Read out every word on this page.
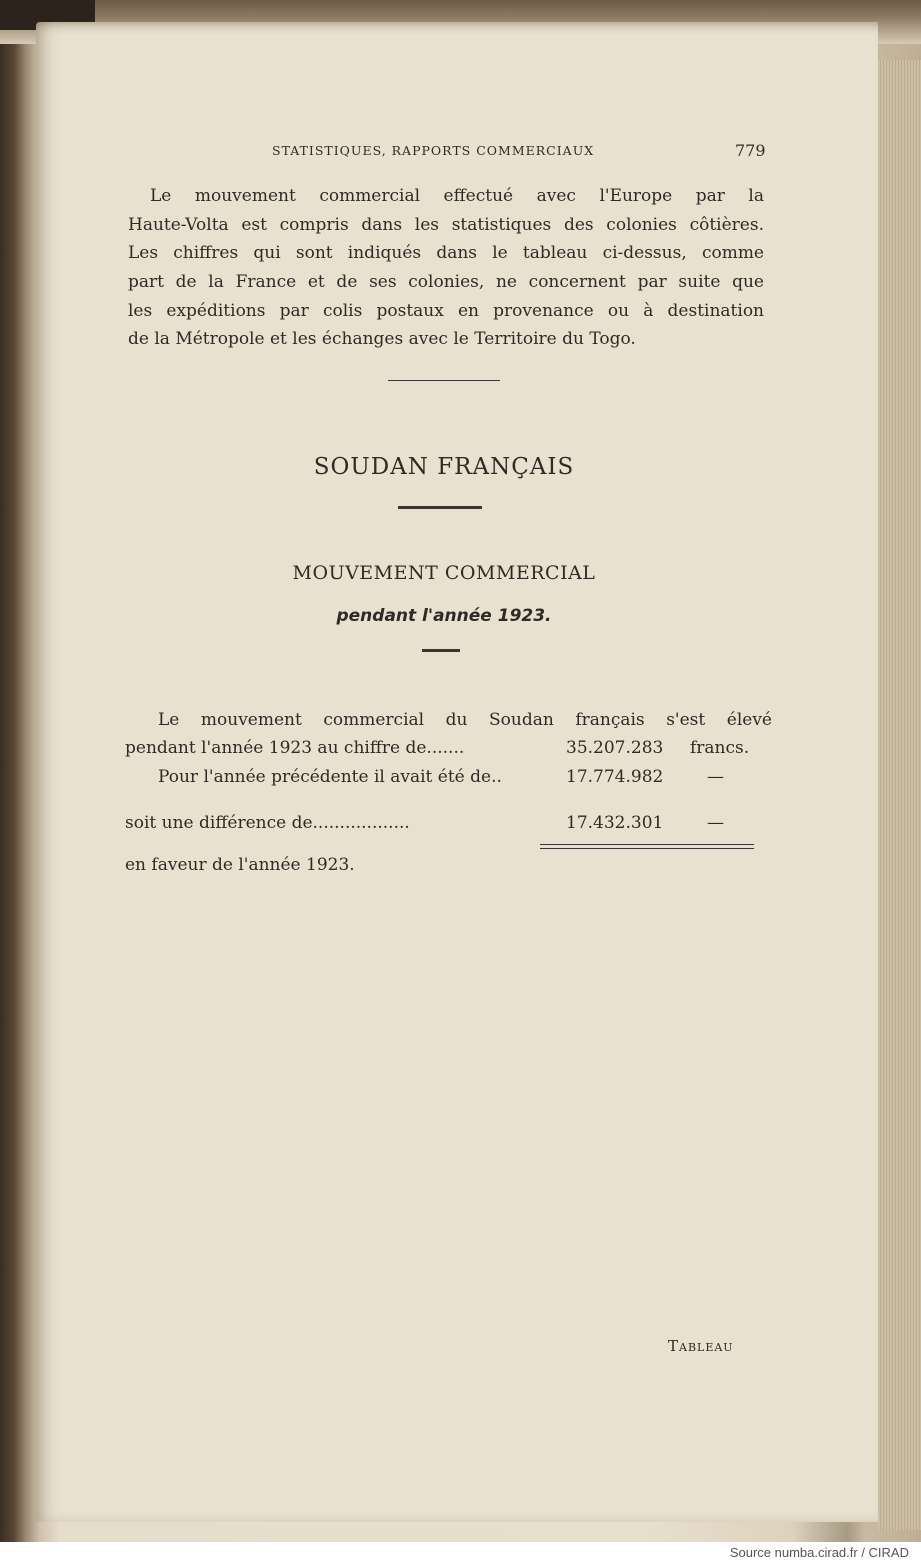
STATISTIQUES, RAPPORTS COMMERCIAUX	779
Le mouvement commercial effectué avec l'Europe par la
Haute-Volta est compris dans les statistiques des colonies côtières.
Les chiffres qui sont indiqués dans le tableau ci-dessus, comme
part de la France et de ses colonies, ne concernent par suite que
les expéditions par colis postaux en provenance ou à destination
de la Métropole et les échanges avec le Territoire du Togo.
SOUDAN FRANÇAIS
MOUVEMENT COMMERCIAL
pendant l'année 1923.
Le mouvement commercial du Soudan français s'est élevé
pendant l'année 1923 au chiffre de.......	35.207.283 francs.
Pour l'année précédente il avait été de..	17.774.982	—
soit une différence de..................	17.432.301	—
en faveur de l'année 1923.
Tableau
Source numba.cirad.fr / CIRAD
